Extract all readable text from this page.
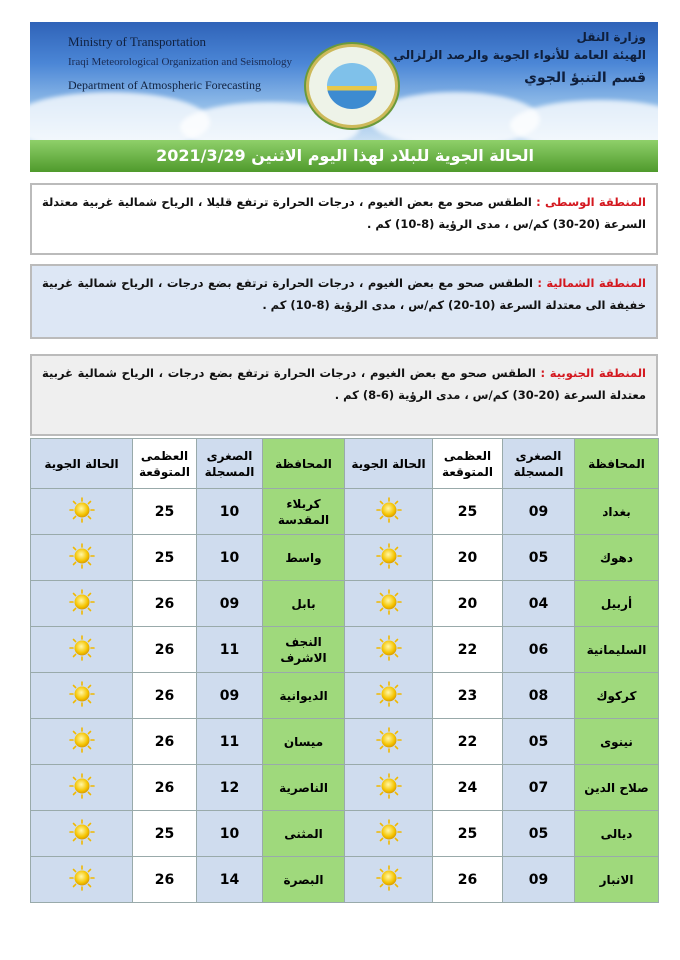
Ministry of Transportation
Iraqi Meteorological Organization and Seismology
Department of Atmospheric Forecasting
وزارة النقل
الهيئة العامة للأنواء الجوية والرصد الزلزالي
قسم التنبؤ الجوي
الحالة الجوية للبلاد لهذا اليوم الاثنين 2021/3/29
المنطقة الوسطى : الطقس صحو مع بعض الغيوم ، درجات الحرارة ترتفع قليلا ، الرياح شمالية غربية معتدلة السرعة (20-30) كم/س ، مدى الرؤية (8-10) كم .
المنطقة الشمالية : الطقس صحو مع بعض الغيوم ، درجات الحرارة ترتفع بضع درجات ، الرياح شمالية غربية خفيفة الى معتدلة السرعة (10-20) كم/س ، مدى الرؤية (8-10) كم .
المنطقة الجنوبية : الطقس صحو مع بعض الغيوم ، درجات الحرارة ترتفع بضع درجات ، الرياح شمالية غربية معتدلة السرعة (20-30) كم/س ، مدى الرؤية (6-8) كم .
المحافظة	الصغرى المسجلة	العظمى المتوقعة	الحالة الجوية	المحافظة	الصغرى المسجلة	العظمى المتوقعة	الحالة الجوية
بغداد	09	25		كربلاء المقدسة	10	25	
دهوك	05	20		واسط	10	25	
أربيل	04	20		بابل	09	26	
السليمانية	06	22		النجف الاشرف	11	26	
كركوك	08	23		الديوانية	09	26	
نينوى	05	22		ميسان	11	26	
صلاح الدين	07	24		الناصرية	12	26	
ديالى	05	25		المثنى	10	25	
الانبار	09	26		البصرة	14	26	
